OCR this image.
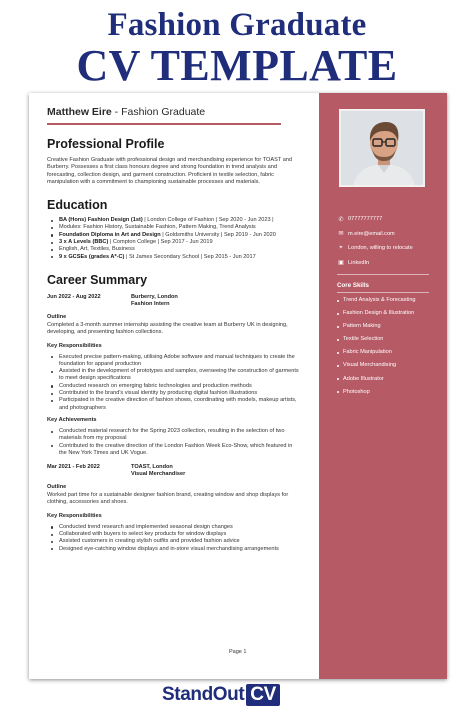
Fashion Graduate
CV TEMPLATE
Matthew Eire - Fashion Graduate
Professional Profile
Creative Fashion Graduate with professional design and merchandising experience for TOAST and Burberry. Possesses a first class honours degree and strong foundation in trend analysis and forecasting, collection design, and garment construction. Proficient in textile selection, fabric manipulation with a commitment to championing sustainable processes and materials.
Education
BA (Hons) Fashion Design (1st) | London College of Fashion | Sep 2020 - Jun 2023 |
Modules: Fashion History, Sustainable Fashion, Pattern Making, Trend Analysis
Foundation Diploma in Art and Design | Goldsmiths University | Sep 2019 - Jun 2020
3 x A Levels (BBC) | Compton College | Sep 2017 - Jun 2019
English, Art, Textiles, Business
9 x GCSEs (grades A*-C) | St James Secondary School | Sep 2015 - Jun 2017
Career Summary
Jun 2022 - Aug 2022	Burberry, London
Fashion Intern
Outline
Completed a 3-month summer internship assisting the creative team at Burberry UK in designing, developing, and presenting fashion collections.
Key Responsibilities
Executed precise pattern-making, utilising Adobe software and manual techniques to create the foundation for apparel production
Assisted in the development of prototypes and samples, overseeing the construction of garments to meet design specifications
Conducted research on emerging fabric technologies and production methods
Contributed to the brand's visual identity by producing digital fashion illustrations
Participated in the creative direction of fashion shows, coordinating with models, makeup artists, and photographers
Key Achievements
Conducted material research for the Spring 2023 collection, resulting in the selection of two materials from my proposal
Contributed to the creative direction of the London Fashion Week Eco-Show, which featured in the New York Times and UK Vogue.
Mar 2021 - Feb 2022	TOAST, London
Visual Merchandiser
Outline
Worked part time for a sustainable designer fashion brand, creating window and shop displays for clothing, accessories and shoes.
Key Responsibilities
Conducted trend research and implemented seasonal design changes
Collaborated with buyers to select key products for window displays
Assisted customers in creating stylish outfits and provided fashion advice
Designed eye-catching window displays and in-store visual merchandising arrangements
Page 1
✆ 07777777777
✉ m.eire@email.com
⌖ London, willing to relocate
▣ LinkedIn
Core Skills
Trend Analysis & Forecasting
Fashion Design & Illustration
Pattern Making
Textile Selection
Fabric Manipulation
Visual Merchandising
Adobe Illustrator
Photoshop
StandOut CV
